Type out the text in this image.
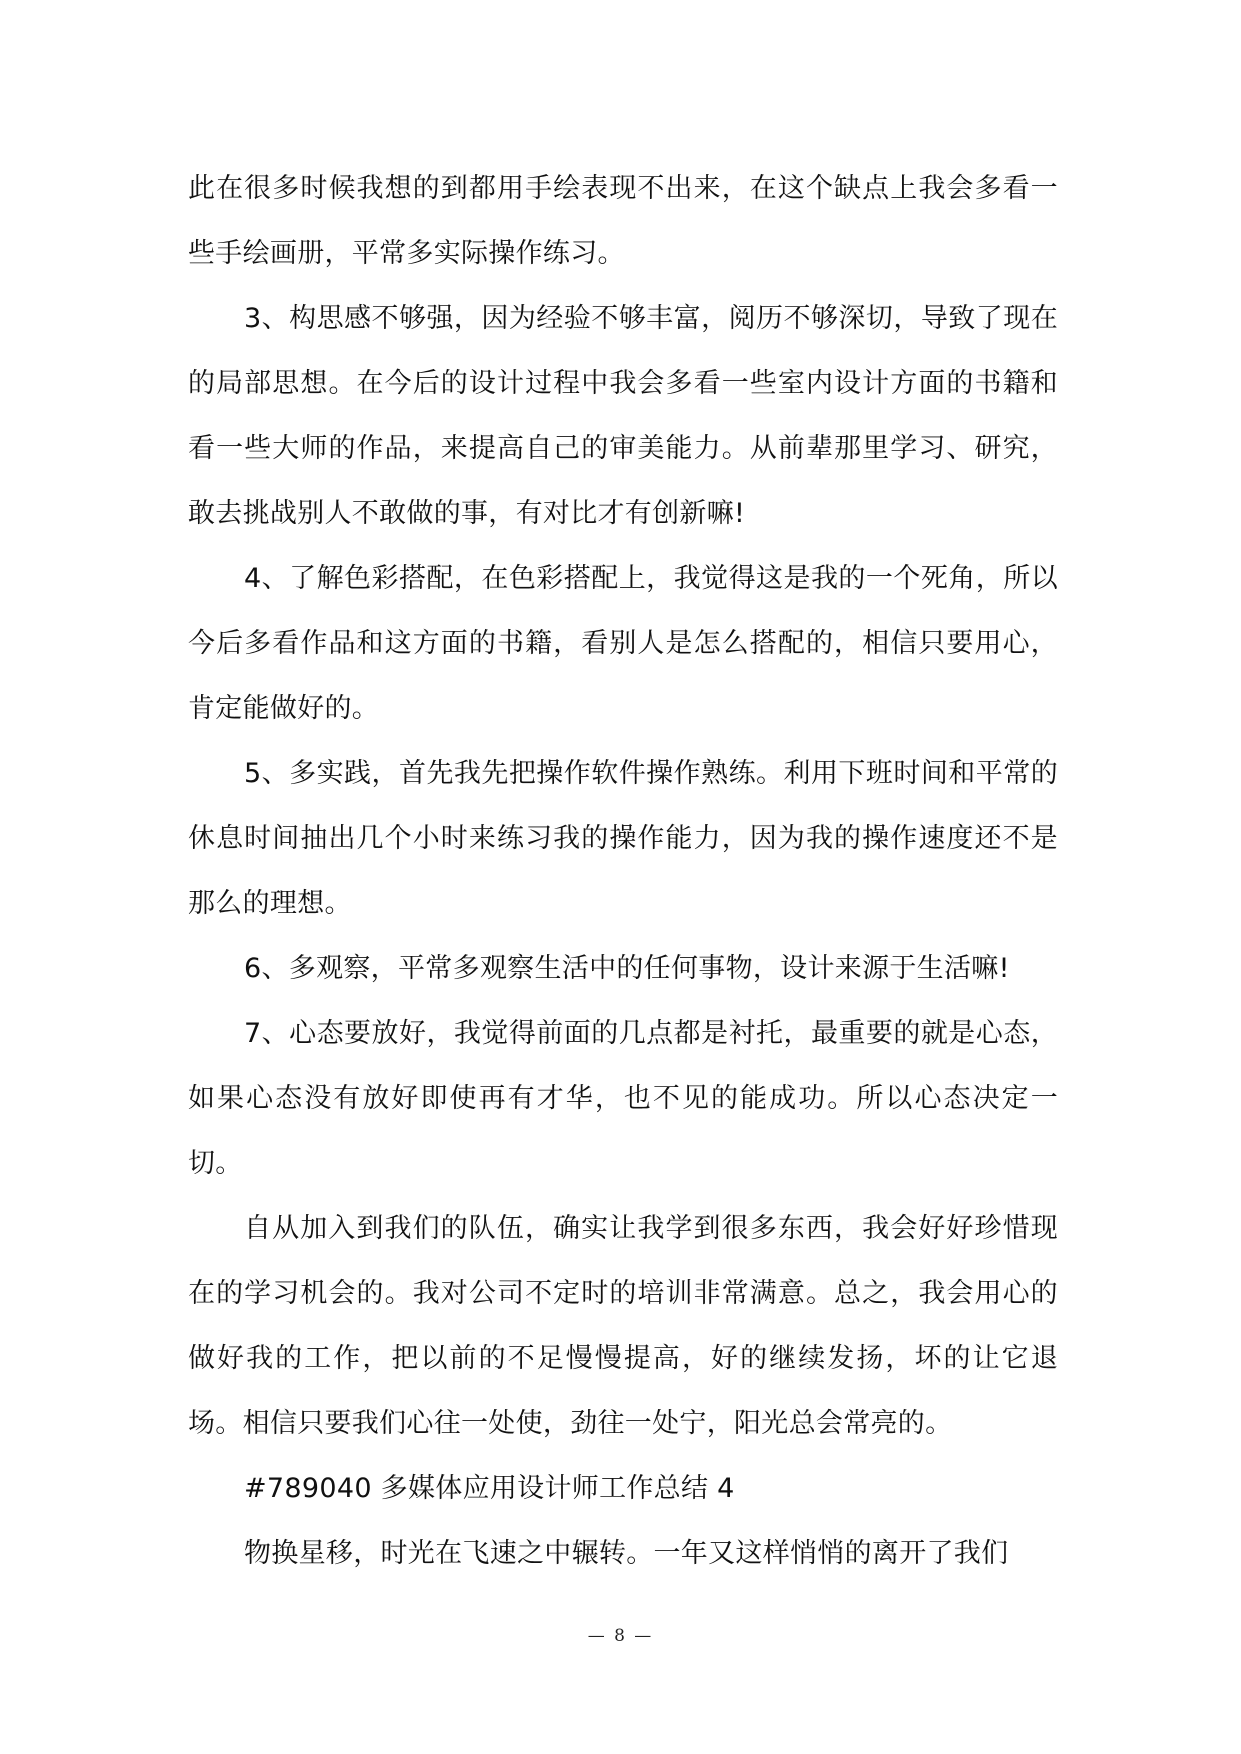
此在很多时候我想的到都用手绘表现不出来，在这个缺点上我会多看一些手绘画册，平常多实际操作练习。

3、构思感不够强，因为经验不够丰富，阅历不够深切，导致了现在的局部思想。在今后的设计过程中我会多看一些室内设计方面的书籍和看一些大师的作品，来提高自己的审美能力。从前辈那里学习、研究，敢去挑战别人不敢做的事，有对比才有创新嘛!

4、了解色彩搭配，在色彩搭配上，我觉得这是我的一个死角，所以今后多看作品和这方面的书籍，看别人是怎么搭配的，相信只要用心，肯定能做好的。

5、多实践，首先我先把操作软件操作熟练。利用下班时间和平常的休息时间抽出几个小时来练习我的操作能力，因为我的操作速度还不是那么的理想。

6、多观察，平常多观察生活中的任何事物，设计来源于生活嘛!

7、心态要放好，我觉得前面的几点都是衬托，最重要的就是心态，如果心态没有放好即使再有才华，也不见的能成功。所以心态决定一切。

自从加入到我们的队伍，确实让我学到很多东西，我会好好珍惜现在的学习机会的。我对公司不定时的培训非常满意。总之，我会用心的做好我的工作，把以前的不足慢慢提高，好的继续发扬，坏的让它退场。相信只要我们心往一处使，劲往一处宁，阳光总会常亮的。

#789040 多媒体应用设计师工作总结 4

物换星移，时光在飞速之中辗转。一年又这样悄悄的离开了我们

— 8 —
